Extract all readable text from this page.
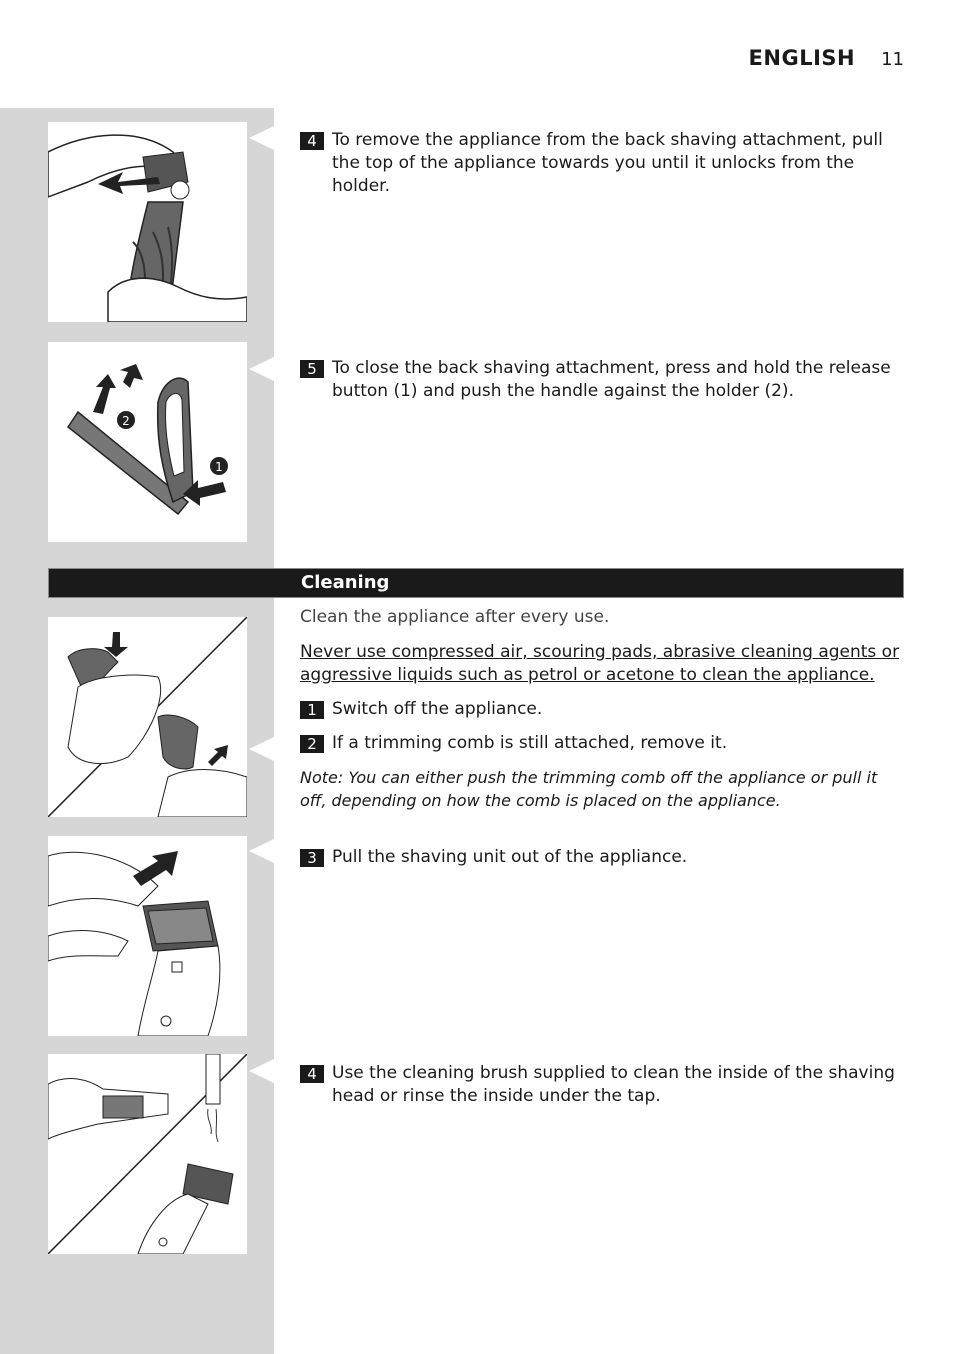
ENGLISH 11
4 To remove the appliance from the back shaving attachment, pull the top of the appliance towards you until it unlocks from the holder.
2
1
5 To close the back shaving attachment, press and hold the release button (1) and push the handle against the holder (2).
Cleaning
Clean the appliance after every use.
Never use compressed air, scouring pads, abrasive cleaning agents or aggressive liquids such as petrol or acetone to clean the appliance.
1 Switch off the appliance.
2 If a trimming comb is still attached, remove it.
Note: You can either push the trimming comb off the appliance or pull it off, depending on how the comb is placed on the appliance.
3 Pull the shaving unit out of the appliance.
4 Use the cleaning brush supplied to clean the inside of the shaving head or rinse the inside under the tap.
